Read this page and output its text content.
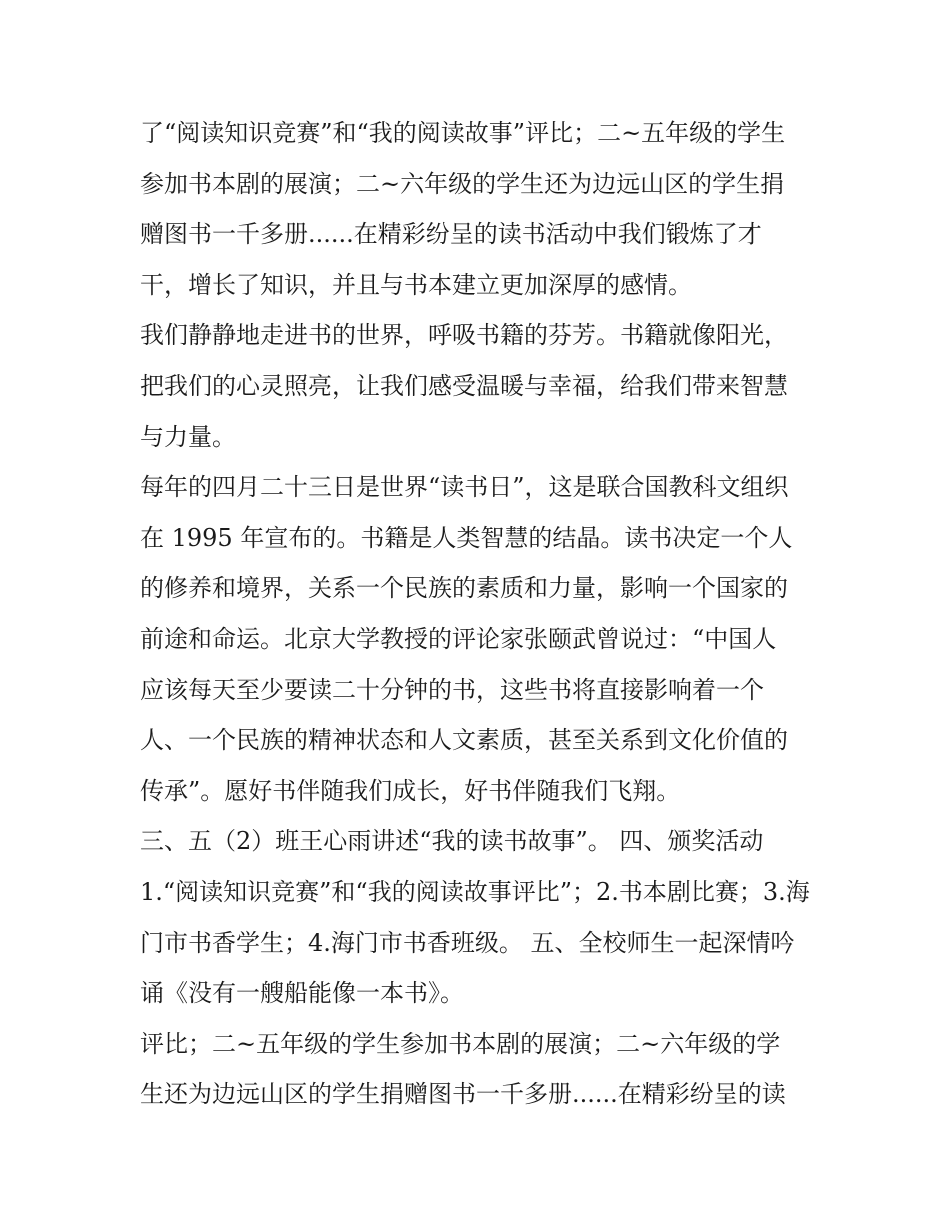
了“阅读知识竞赛”和“我的阅读故事”评比；二~五年级的学生
参加书本剧的展演；二~六年级的学生还为边远山区的学生捐
赠图书一千多册......在精彩纷呈的读书活动中我们锻炼了才
干，增长了知识，并且与书本建立更加深厚的感情。
我们静静地走进书的世界，呼吸书籍的芬芳。书籍就像阳光，
把我们的心灵照亮，让我们感受温暖与幸福，给我们带来智慧
与力量。
每年的四月二十三日是世界“读书日”，这是联合国教科文组织
在 1995 年宣布的。书籍是人类智慧的结晶。读书决定一个人
的修养和境界，关系一个民族的素质和力量，影响一个国家的
前途和命运。北京大学教授的评论家张颐武曾说过：“中国人
应该每天至少要读二十分钟的书，这些书将直接影响着一个
人、一个民族的精神状态和人文素质，甚至关系到文化价值的
传承”。愿好书伴随我们成长，好书伴随我们飞翔。
三、五（2）班王心雨讲述“我的读书故事”。 四、颁奖活动
1.“阅读知识竞赛”和“我的阅读故事评比”；2.书本剧比赛；3.海
门市书香学生；4.海门市书香班级。 五、全校师生一起深情吟
诵《没有一艘船能像一本书》。
评比；二~五年级的学生参加书本剧的展演；二~六年级的学
生还为边远山区的学生捐赠图书一千多册......在精彩纷呈的读
